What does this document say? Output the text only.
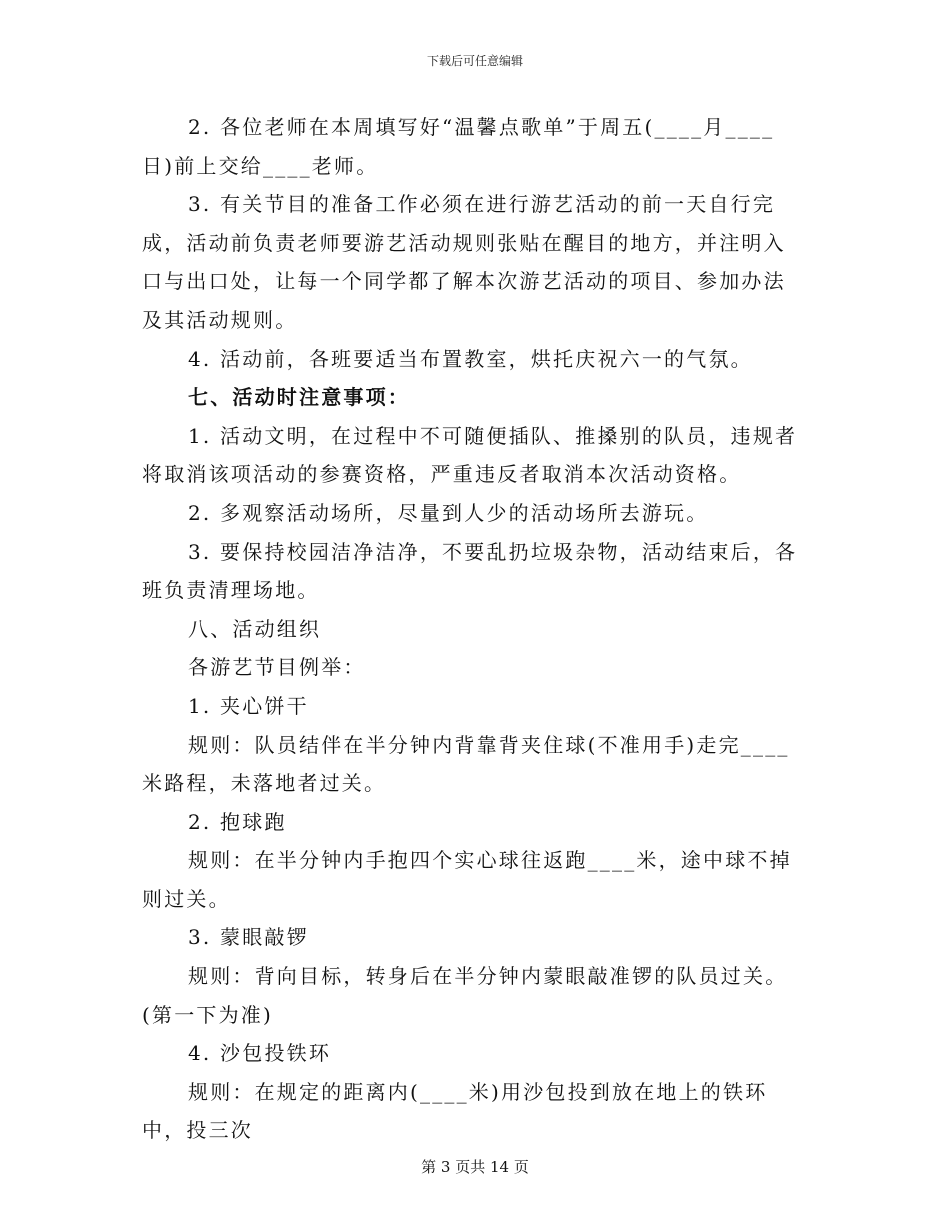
下载后可任意编辑

2. 各位老师在本周填写好“温馨点歌单”于周五(____月____日)前上交给____老师。

3. 有关节目的准备工作必须在进行游艺活动的前一天自行完成，活动前负责老师要游艺活动规则张贴在醒目的地方，并注明入口与出口处，让每一个同学都了解本次游艺活动的项目、参加办法及其活动规则。

4. 活动前，各班要适当布置教室，烘托庆祝六一的气氛。

七、活动时注意事项：

1. 活动文明，在过程中不可随便插队、推搡别的队员，违规者将取消该项活动的参赛资格，严重违反者取消本次活动资格。

2. 多观察活动场所，尽量到人少的活动场所去游玩。

3. 要保持校园洁净洁净，不要乱扔垃圾杂物，活动结束后，各班负责清理场地。

八、活动组织

各游艺节目例举：

1. 夹心饼干

规则：队员结伴在半分钟内背靠背夹住球(不准用手)走完____米路程，未落地者过关。

2. 抱球跑

规则：在半分钟内手抱四个实心球往返跑____米，途中球不掉则过关。

3. 蒙眼敲锣

规则：背向目标，转身后在半分钟内蒙眼敲准锣的队员过关。(第一下为准)

4. 沙包投铁环

规则：在规定的距离内(____米)用沙包投到放在地上的铁环中，投三次

第 3 页共 14 页
